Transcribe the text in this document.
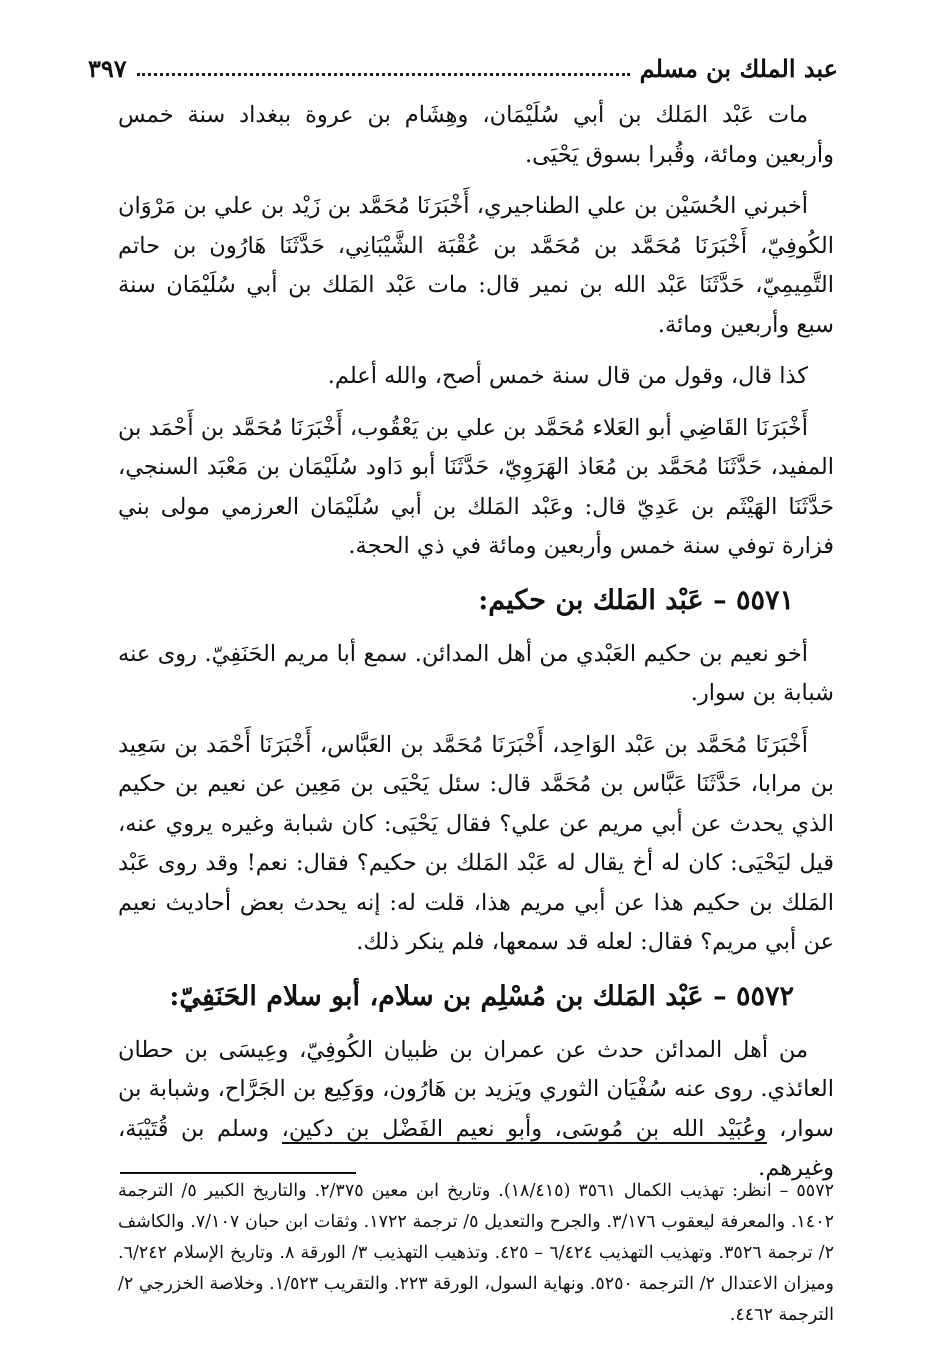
عبد الملك بن مسلم
٣٩٧

مات عَبْد المَلك بن أبي سُلَيْمَان، وهِشَام بن عروة ببغداد سنة خمس وأربعين ومائة، وقُبرا بسوق يَحْيَى.

أخبرني الحُسَيْن بن علي الطناجيري، أَخْبَرَنَا مُحَمَّد بن زَيْد بن علي بن مَرْوَان الكُوفِيّ، أَخْبَرَنَا مُحَمَّد بن مُحَمَّد بن عُقْبَة الشَّيْبَانِي، حَدَّثَنَا هَارُون بن حاتم التَّمِيمِيّ، حَدَّثَنَا عَبْد الله بن نمير قال: مات عَبْد المَلك بن أبي سُلَيْمَان سنة سبع وأربعين ومائة.

كذا قال، وقول من قال سنة خمس أصح، والله أعلم.

أَخْبَرَنَا القَاضِي أبو العَلاء مُحَمَّد بن علي بن يَعْقُوب، أَخْبَرَنَا مُحَمَّد بن أَحْمَد بن المفيد، حَدَّثَنَا مُحَمَّد بن مُعَاذ الهَرَوِيّ، حَدَّثَنَا أبو دَاود سُلَيْمَان بن مَعْبَد السنجي، حَدَّثَنَا الهَيْثَم بن عَدِيّ قال: وعَبْد المَلك بن أبي سُلَيْمَان العرزمي مولى بني فزارة توفي سنة خمس وأربعين ومائة في ذي الحجة.

٥٥٧١ – عَبْد المَلك بن حكيم:

أخو نعيم بن حكيم العَبْدي من أهل المدائن. سمع أبا مريم الحَنَفِيّ. روى عنه شبابة بن سوار.

أَخْبَرَنَا مُحَمَّد بن عَبْد الوَاحِد، أَخْبَرَنَا مُحَمَّد بن العَبَّاس، أَخْبَرَنَا أَحْمَد بن سَعِيد بن مرابا، حَدَّثَنَا عَبَّاس بن مُحَمَّد قال: سئل يَحْيَى بن مَعِين عن نعيم بن حكيم الذي يحدث عن أبي مريم عن علي؟ فقال يَحْيَى: كان شبابة وغيره يروي عنه، قيل ليَحْيَى: كان له أخ يقال له عَبْد المَلك بن حكيم؟ فقال: نعم! وقد روى عَبْد المَلك بن حكيم هذا عن أبي مريم هذا، قلت له: إنه يحدث بعض أحاديث نعيم عن أبي مريم؟ فقال: لعله قد سمعها، فلم ينكر ذلك.

٥٥٧٢ – عَبْد المَلك بن مُسْلِم بن سلام، أبو سلام الحَنَفِيّ:

من أهل المدائن حدث عن عمران بن ظبيان الكُوفِيّ، وعِيسَى بن حطان العائذي. روى عنه سُفْيَان الثوري ويَزيد بن هَارُون، ووَكِيع بن الجَرَّاح، وشبابة بن سوار، وعُبَيْد الله بن مُوسَى، وأبو نعيم الفَضْل بن دكين، وسلم بن قُتَيْبَة، وغيرهم.

٥٥٧٢ – انظر: تهذيب الكمال ٣٥٦١ (١٨/٤١٥). وتاريخ ابن معين ٢/٣٧٥. والتاريخ الكبير ٥/ الترجمة ١٤٠٢. والمعرفة ليعقوب ٣/١٧٦. والجرح والتعديل ٥/ ترجمة ١٧٢٢. وثقات ابن حبان ٧/١٠٧. والكاشف ٢/ ترجمة ٣٥٢٦. وتهذيب التهذيب ٦/٤٢٤ – ٤٢٥. وتذهيب التهذيب ٣/ الورقة ٨. وتاريخ الإسلام ٦/٢٤٢. وميزان الاعتدال ٢/ الترجمة ٥٢٥٠. ونهاية السول، الورقة ٢٢٣. والتقريب ١/٥٢٣. وخلاصة الخزرجي ٢/ الترجمة ٤٤٦٢.
